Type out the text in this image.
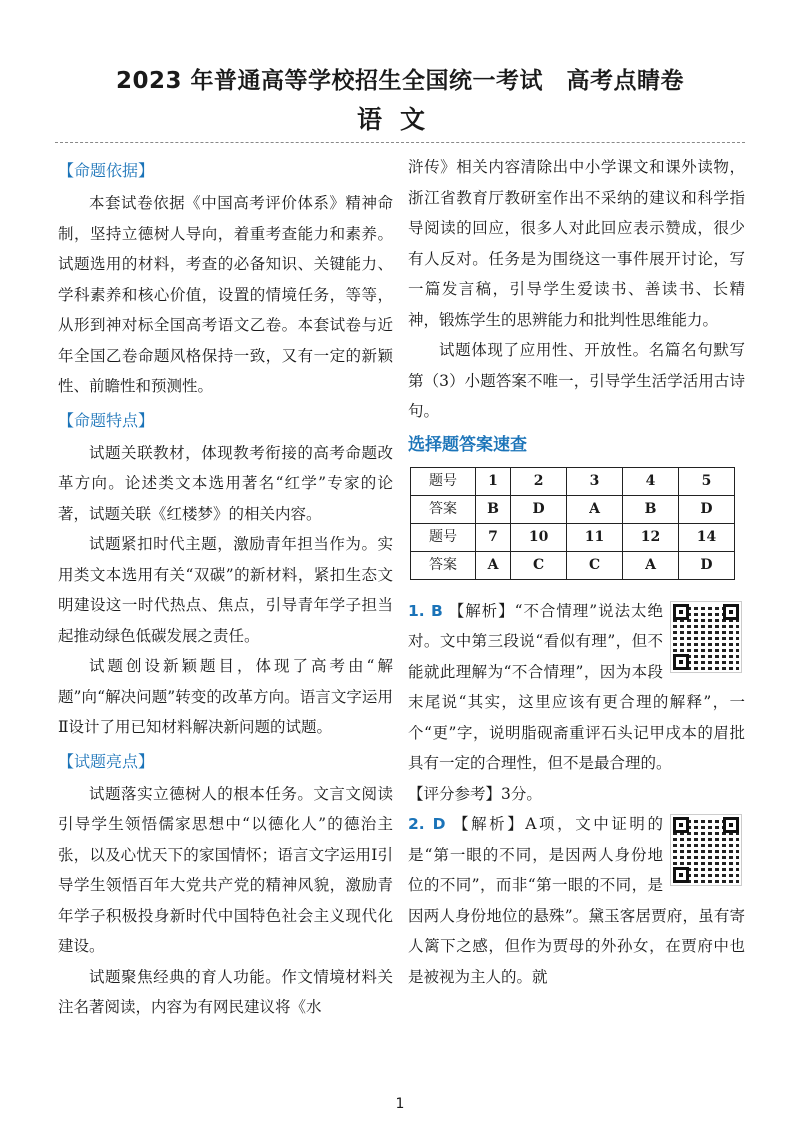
2023 年普通高等学校招生全国统一考试　高考点睛卷
语文
【命题依据】

本套试卷依据《中国高考评价体系》精神命制，坚持立德树人导向，着重考查能力和素养。试题选用的材料，考查的必备知识、关键能力、学科素养和核心价值，设置的情境任务，等等，从形到神对标全国高考语文乙卷。本套试卷与近年全国乙卷命题风格保持一致，又有一定的新颖性、前瞻性和预测性。

【命题特点】

试题关联教材，体现教考衔接的高考命题改革方向。论述类文本选用著名“红学”专家的论著，试题关联《红楼梦》的相关内容。

试题紧扣时代主题，激励青年担当作为。实用类文本选用有关“双碳”的新材料，紧扣生态文明建设这一时代热点、焦点，引导青年学子担当起推动绿色低碳发展之责任。

试题创设新颖题目，体现了高考由“解题”向“解决问题”转变的改革方向。语言文字运用Ⅱ设计了用已知材料解决新问题的试题。

【试题亮点】

试题落实立德树人的根本任务。文言文阅读引导学生领悟儒家思想中“以德化人”的德治主张，以及心忧天下的家国情怀；语言文字运用Ⅰ引导学生领悟百年大党共产党的精神风貌，激励青年学子积极投身新时代中国特色社会主义现代化建设。

试题聚焦经典的育人功能。作文情境材料关注名著阅读，内容为有网民建议将《水

浒传》相关内容清除出中小学课文和课外读物，浙江省教育厅教研室作出不采纳的建议和科学指导阅读的回应，很多人对此回应表示赞成，很少有人反对。任务是为围绕这一事件展开讨论，写一篇发言稿，引导学生爱读书、善读书、长精神，锻炼学生的思辨能力和批判性思维能力。

试题体现了应用性、开放性。名篇名句默写第（3）小题答案不唯一，引导学生活学活用古诗句。

选择题答案速查
题号	1	2	3	4	5
答案	B	D	A	B	D
题号	7	10	11	12	14
答案	A	C	C	A	D

1. B 【解析】“不合情理”说法太绝对。文中第三段说“看似有理”，但不能就此理解为“不合情理”，因为本段末尾说“其实，这里应该有更合理的解释”，一个“更”字，说明脂砚斋重评石头记甲戌本的眉批具有一定的合理性，但不是最合理的。

【评分参考】3分。

2. D 【解析】A项，文中证明的是“第一眼的不同，是因两人身份地位的不同”，而非“第一眼的不同，是因两人身份地位的悬殊”。黛玉客居贾府，虽有寄人篱下之感，但作为贾母的外孙女，在贾府中也是被视为主人的。就

1
